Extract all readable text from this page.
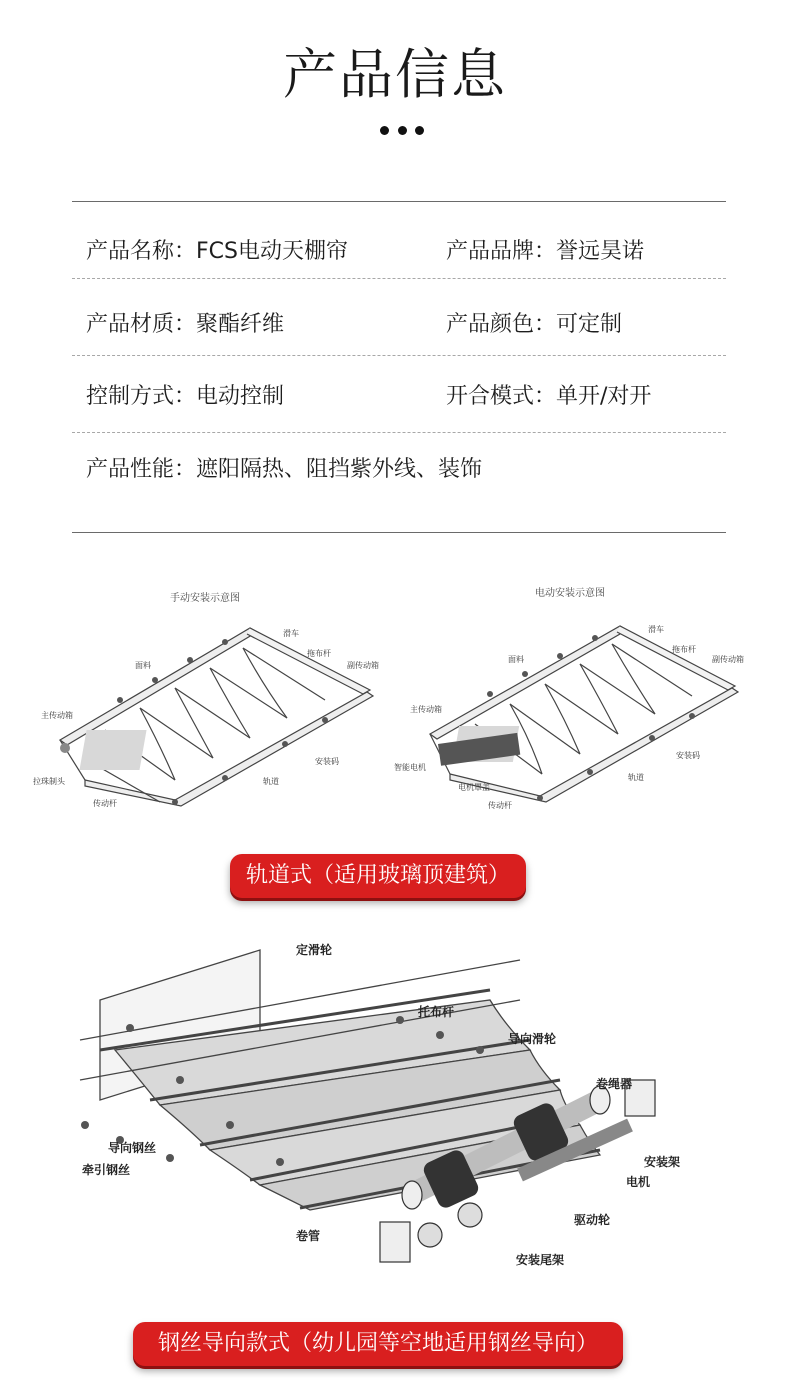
产品信息
产品名称：FCS电动天棚帘	产品品牌：誉远昊诺
产品材质：聚酯纤维	产品颜色：可定制
控制方式：电动控制	开合模式：单开/对开
产品性能：遮阳隔热、阻挡紫外线、装饰
手动安装示意图
滑车
拖布杆
面料	副传动箱
主传动箱
拉珠制头
传动杆
轨道
安装码
电动安装示意图
滑车
拖布杆
面料	副传动箱
主传动箱
智能电机
电机罩盖
传动杆
轨道
安装码
轨道式（适用玻璃顶建筑）
定滑轮
托布杆
导向滑轮
卷绳器
导向钢丝
牵引钢丝
安装架
电机
驱动轮
卷管
安装尾架
钢丝导向款式（幼儿园等空地适用钢丝导向）
